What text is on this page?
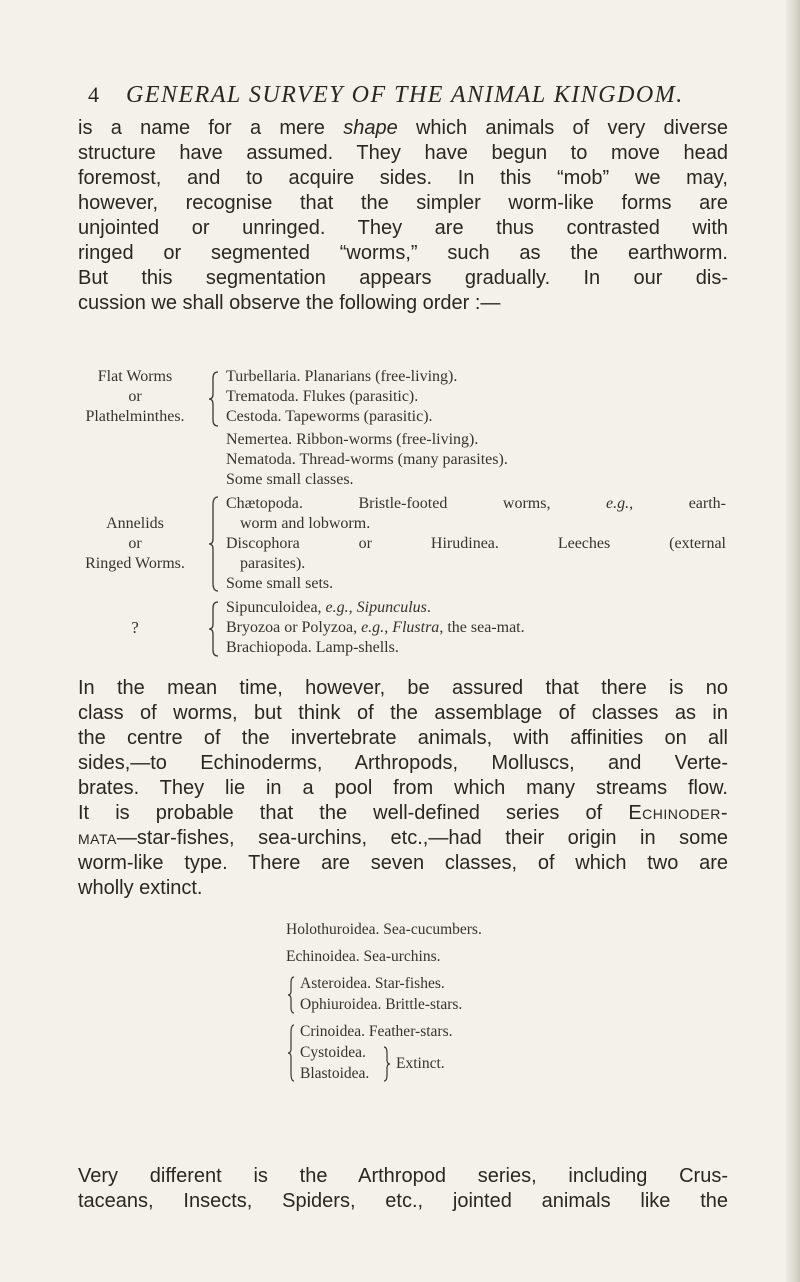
4 GENERAL SURVEY OF THE ANIMAL KINGDOM.
is a name for a mere shape which animals of very diverse
structure have assumed. They have begun to move head
foremost, and to acquire sides. In this “mob” we may,
however, recognise that the simpler worm-like forms are
unjointed or unringed. They are thus contrasted with
ringed or segmented “worms,” such as the earthworm.
But this segmentation appears gradually. In our dis-
cussion we shall observe the following order :—
Flat Worms
or
Plathelminthes.
Turbellaria. Planarians (free-living).
Trematoda. Flukes (parasitic).
Cestoda. Tapeworms (parasitic).
Nemertea. Ribbon-worms (free-living).
Nematoda. Thread-worms (many parasites).
Some small classes.
Annelids
or
Ringed Worms.
Chætopoda. Bristle-footed worms, e.g., earth-
worm and lobworm.
Discophora or Hirudinea. Leeches (external
parasites).
Some small sets.
?
Sipunculoidea, e.g., Sipunculus.
Bryozoa or Polyzoa, e.g., Flustra, the sea-mat.
Brachiopoda. Lamp-shells.
In the mean time, however, be assured that there is no
class of worms, but think of the assemblage of classes as in
the centre of the invertebrate animals, with affinities on all
sides,—to Echinoderms, Arthropods, Molluscs, and Verte-
brates. They lie in a pool from which many streams flow.
It is probable that the well-defined series of Echinoder-
mata—star-fishes, sea-urchins, etc.,—had their origin in some
worm-like type. There are seven classes, of which two are
wholly extinct.
Holothuroidea. Sea-cucumbers.
Echinoidea. Sea-urchins.
Asteroidea. Star-fishes.
Ophiuroidea. Brittle-stars.
Crinoidea. Feather-stars.
Cystoidea.
Blastoidea.
Extinct.
Very different is the Arthropod series, including Crus-
taceans, Insects, Spiders, etc., jointed animals like the
